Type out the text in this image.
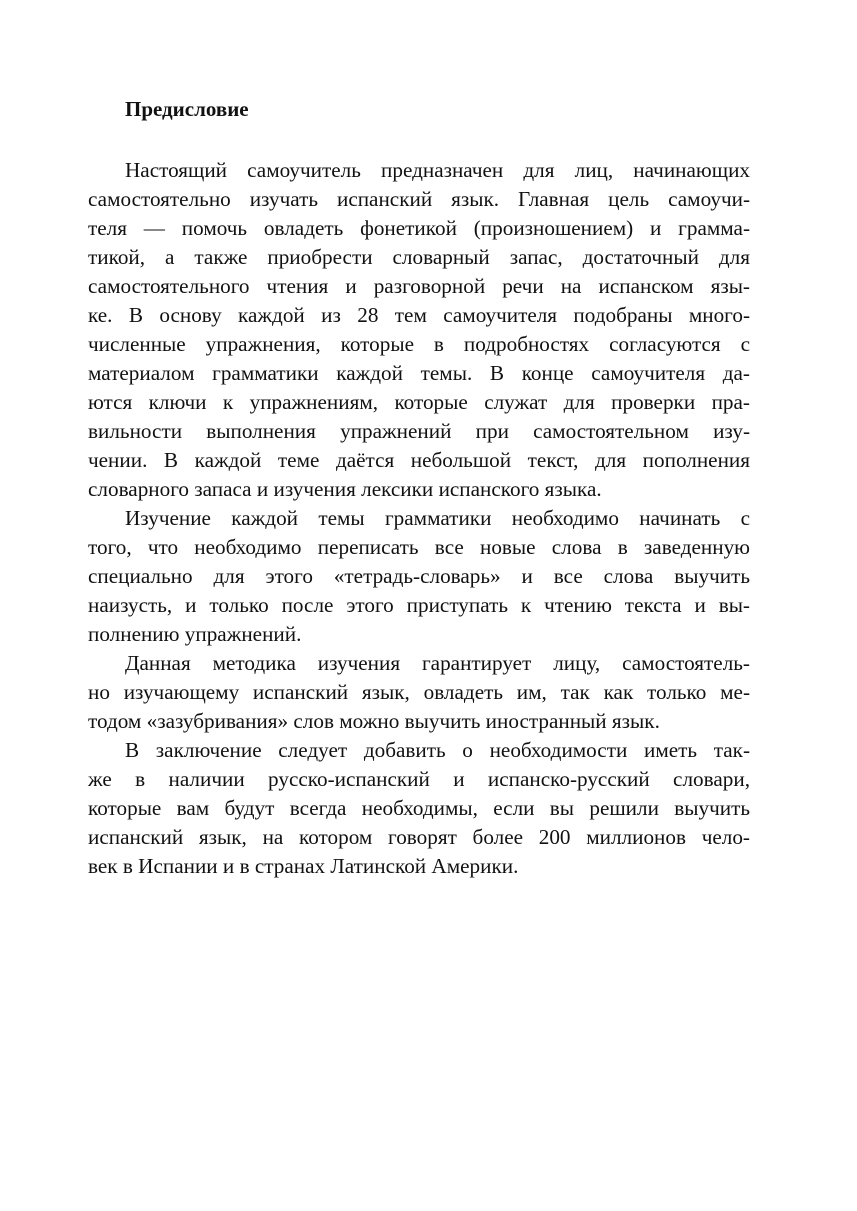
Предисловие
Настоящий самоучитель предназначен для лиц, начинающих
самостоятельно изучать испанский язык. Главная цель самоучи-
теля — помочь овладеть фонетикой (произношением) и грамма-
тикой, а также приобрести словарный запас, достаточный для
самостоятельного чтения и разговорной речи на испанском язы-
ке. В основу каждой из 28 тем самоучителя подобраны много-
численные упражнения, которые в подробностях согласуются с
материалом грамматики каждой темы. В конце самоучителя да-
ются ключи к упражнениям, которые служат для проверки пра-
вильности выполнения упражнений при самостоятельном изу-
чении. В каждой теме даётся небольшой текст, для пополнения
словарного запаса и изучения лексики испанского языка.
Изучение каждой темы грамматики необходимо начинать с
того, что необходимо переписать все новые слова в заведенную
специально для этого «тетрадь-словарь» и все слова выучить
наизусть, и только после этого приступать к чтению текста и вы-
полнению упражнений.
Данная методика изучения гарантирует лицу, самостоятель-
но изучающему испанский язык, овладеть им, так как только ме-
тодом «зазубривания» слов можно выучить иностранный язык.
В заключение следует добавить о необходимости иметь так-
же в наличии русско-испанский и испанско-русский словари,
которые вам будут всегда необходимы, если вы решили выучить
испанский язык, на котором говорят более 200 миллионов чело-
век в Испании и в странах Латинской Америки.
